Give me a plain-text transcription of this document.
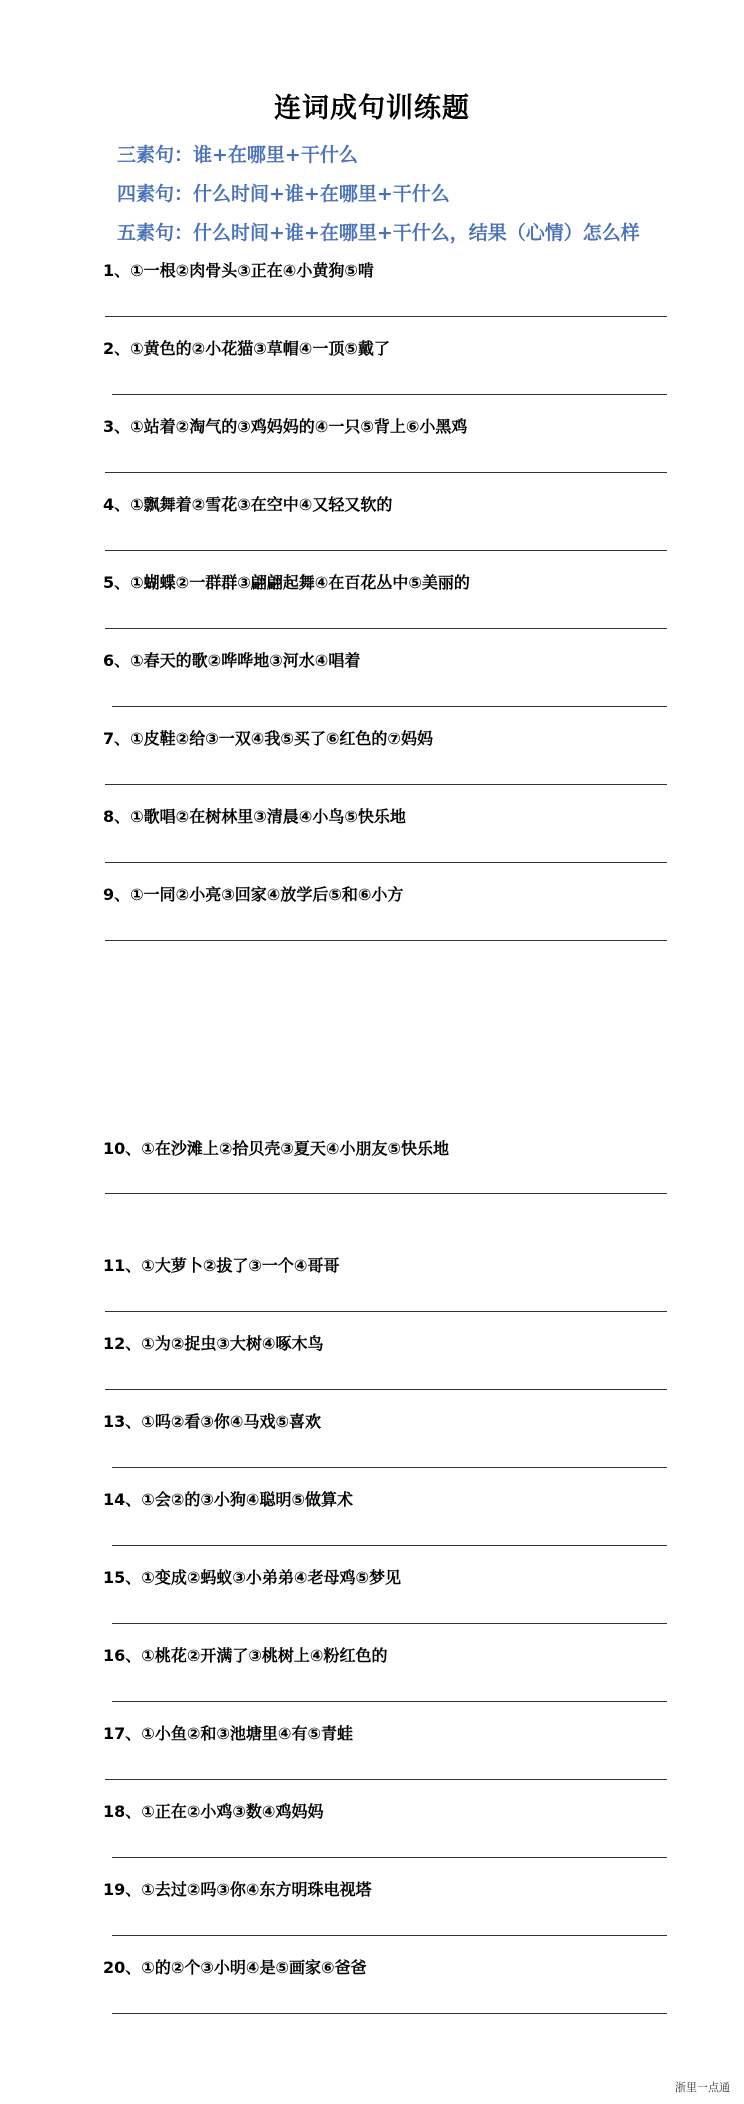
连词成句训练题
三素句：谁+在哪里+干什么
四素句：什么时间+谁+在哪里+干什么
五素句：什么时间+谁+在哪里+干什么，结果（心情）怎么样
1、①一根②肉骨头③正在④小黄狗⑤啃
2、①黄色的②小花猫③草帽④一顶⑤戴了
3、①站着②淘气的③鸡妈妈的④一只⑤背上⑥小黑鸡
4、①飘舞着②雪花③在空中④又轻又软的
5、①蝴蝶②一群群③翩翩起舞④在百花丛中⑤美丽的
6、①春天的歌②哗哗地③河水④唱着
7、①皮鞋②给③一双④我⑤买了⑥红色的⑦妈妈
8、①歌唱②在树林里③清晨④小鸟⑤快乐地
9、①一同②小亮③回家④放学后⑤和⑥小方
10、①在沙滩上②拾贝壳③夏天④小朋友⑤快乐地
11、①大萝卜②拔了③一个④哥哥
12、①为②捉虫③大树④啄木鸟
13、①吗②看③你④马戏⑤喜欢
14、①会②的③小狗④聪明⑤做算术
15、①变成②蚂蚁③小弟弟④老母鸡⑤梦见
16、①桃花②开满了③桃树上④粉红色的
17、①小鱼②和③池塘里④有⑤青蛙
18、①正在②小鸡③数④鸡妈妈
19、①去过②吗③你④东方明珠电视塔
20、①的②个③小明④是⑤画家⑥爸爸
浙里一点通
